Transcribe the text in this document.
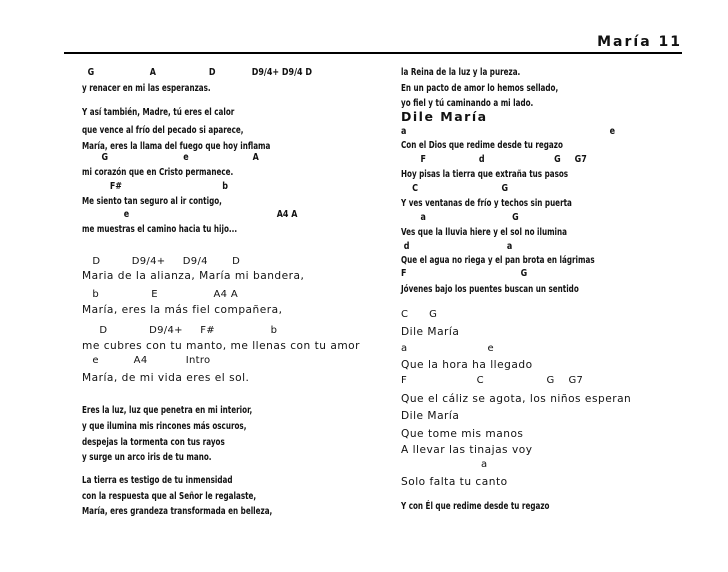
María 11
G                    A                   D             D9/4+ D9/4 D
y renacer en mi las esperanzas.
Y así también, Madre, tú eres el calor
que vence al frío del pecado si aparece,
María, eres la llama del fuego que hoy inflama
G                           e                       A
mi corazón que en Cristo permanece.
F#                                    b
Me siento tan seguro al ir contigo,
e                                                     A4 A
me muestras el camino hacia tu hijo...
D         D9/4+     D9/4       D
Maria de la alianza, María mi bandera,
b               E                A4 A
María, eres la más fiel compañera,
D            D9/4+     F#                b
me cubres con tu manto, me llenas con tu amor
e          A4           Intro
María, de mi vida eres el sol.
Eres la luz, luz que penetra en mi interior,
y que ilumina mis rincones más oscuros,
despejas la tormenta con tus rayos
y surge un arco iris de tu mano.
La tierra es testigo de tu inmensidad
con la respuesta que al Señor le regalaste,
María, eres grandeza transformada en belleza,
la Reina de la luz y la pureza.
En un pacto de amor lo hemos sellado,
yo fiel y tú caminando a mi lado.
Dile María
a                                                                         e
Con el Dios que redime desde tu regazo
F                   d                         G     G7
Hoy pisas la tierra que extraña tus pasos
C                              G
Y ves ventanas de frío y techos sin puerta
a                               G
Ves que la lluvia hiere y el sol no ilumina
d                                   a
Que el agua no riega y el pan brota en lágrimas
F                                         G
Jóvenes bajo los puentes buscan un sentido
C      G
Dile María
a                       e
Que la hora ha llegado
F                    C                  G    G7
Que el cáliz se agota, los niños esperan
Dile María
Que tome mis manos
A llevar las tinajas voy
a
Solo falta tu canto
Y con Él que redime desde tu regazo
